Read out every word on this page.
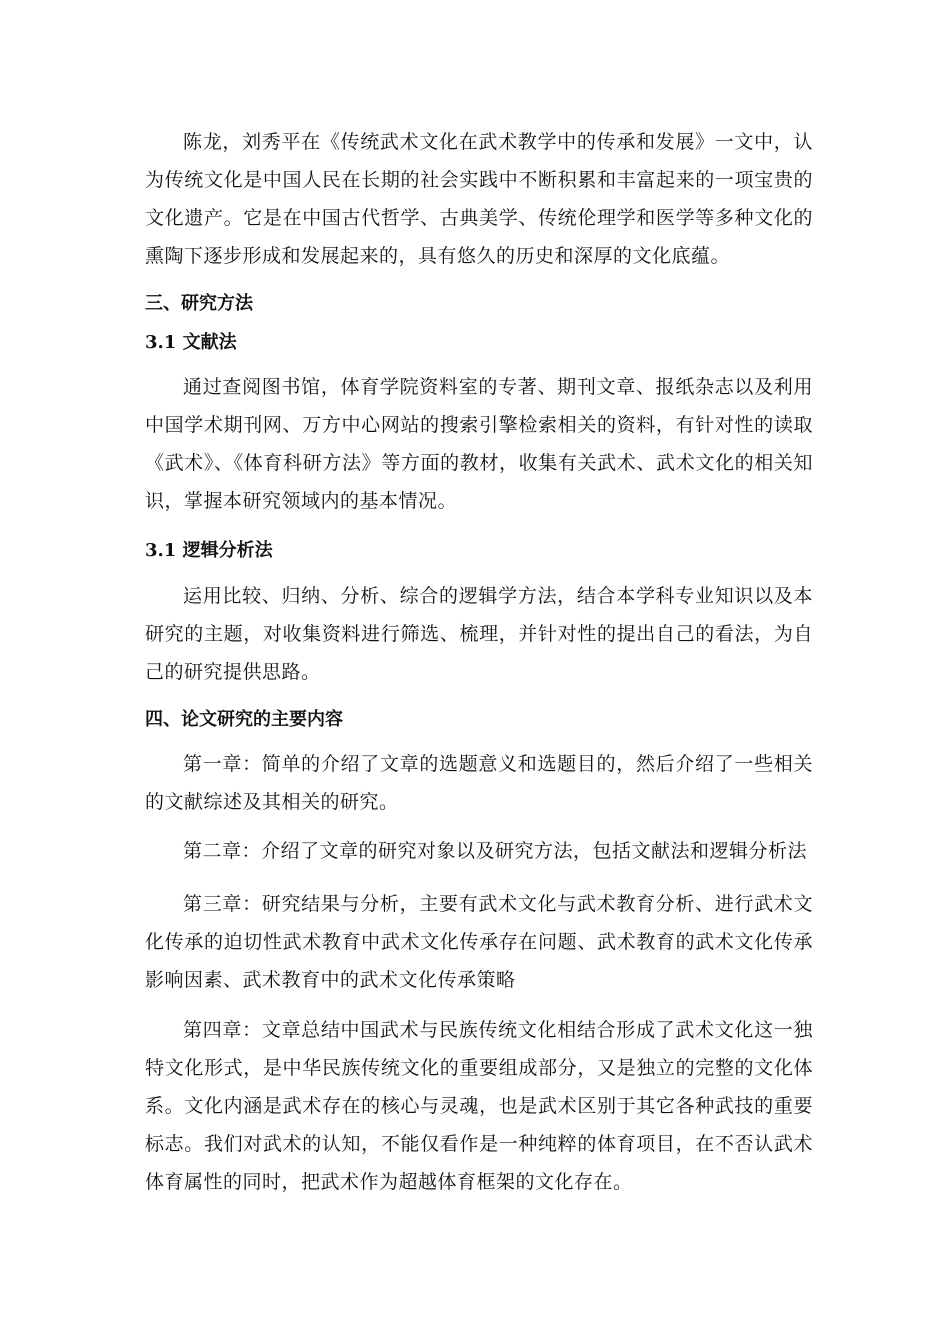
陈龙，刘秀平在《传统武术文化在武术教学中的传承和发展》一文中，认为传统文化是中国人民在长期的社会实践中不断积累和丰富起来的一项宝贵的文化遗产。它是在中国古代哲学、古典美学、传统伦理学和医学等多种文化的熏陶下逐步形成和发展起来的，具有悠久的历史和深厚的文化底蕴。

三、研究方法
3.1 文献法

通过查阅图书馆，体育学院资料室的专著、期刊文章、报纸杂志以及利用中国学术期刊网、万方中心网站的搜索引擎检索相关的资料，有针对性的读取《武术》、《体育科研方法》等方面的教材，收集有关武术、武术文化的相关知识，掌握本研究领域内的基本情况。

3.1 逻辑分析法

运用比较、归纳、分析、综合的逻辑学方法，结合本学科专业知识以及本研究的主题，对收集资料进行筛选、梳理，并针对性的提出自己的看法，为自己的研究提供思路。

四、论文研究的主要内容

第一章：简单的介绍了文章的选题意义和选题目的，然后介绍了一些相关的文献综述及其相关的研究。

第二章：介绍了文章的研究对象以及研究方法，包括文献法和逻辑分析法

第三章：研究结果与分析，主要有武术文化与武术教育分析、进行武术文化传承的迫切性武术教育中武术文化传承存在问题、武术教育的武术文化传承影响因素、武术教育中的武术文化传承策略

第四章：文章总结中国武术与民族传统文化相结合形成了武术文化这一独特文化形式，是中华民族传统文化的重要组成部分，又是独立的完整的文化体系。文化内涵是武术存在的核心与灵魂，也是武术区别于其它各种武技的重要标志。我们对武术的认知，不能仅看作是一种纯粹的体育项目，在不否认武术体育属性的同时，把武术作为超越体育框架的文化存在。
